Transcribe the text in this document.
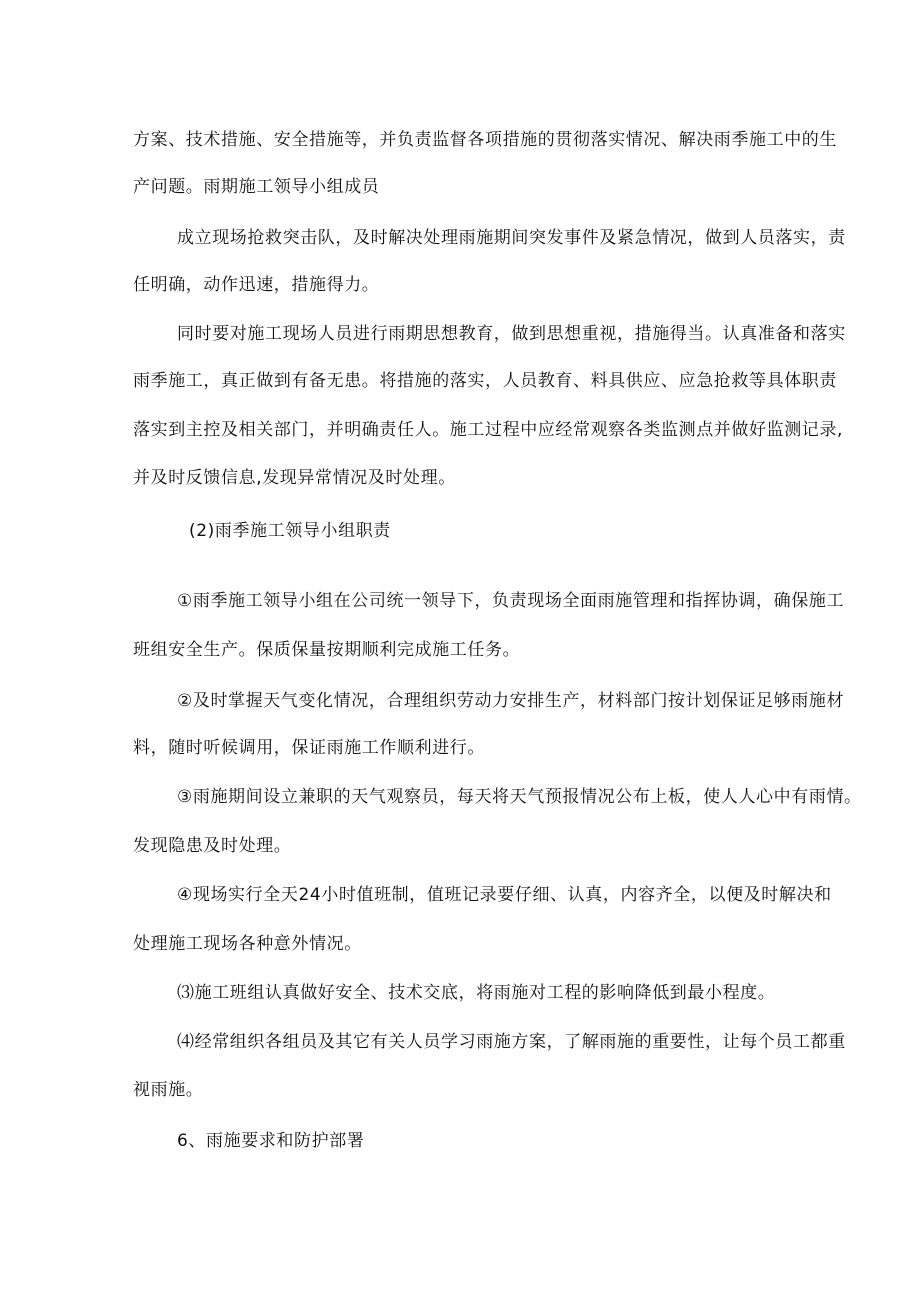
方案、技术措施、安全措施等，并负责监督各项措施的贯彻落实情况、解决雨季施工中的生
产问题。雨期施工领导小组成员
成立现场抢救突击队，及时解决处理雨施期间突发事件及紧急情况，做到人员落实，责
任明确，动作迅速，措施得力。
同时要对施工现场人员进行雨期思想教育，做到思想重视，措施得当。认真准备和落实
雨季施工，真正做到有备无患。将措施的落实，人员教育、料具供应、应急抢救等具体职责
落实到主控及相关部门，并明确责任人。施工过程中应经常观察各类监测点并做好监测记录,
并及时反馈信息,发现异常情况及时处理。
(2)雨季施工领导小组职责
①雨季施工领导小组在公司统一领导下，负责现场全面雨施管理和指挥协调，确保施工
班组安全生产。保质保量按期顺利完成施工任务。
②及时掌握天气变化情况，合理组织劳动力安排生产，材料部门按计划保证足够雨施材
料，随时听候调用，保证雨施工作顺利进行。
③雨施期间设立兼职的天气观察员，每天将天气预报情况公布上板，使人人心中有雨情。
发现隐患及时处理。
④现场实行全天24小时值班制，值班记录要仔细、认真，内容齐全，以便及时解决和
处理施工现场各种意外情况。
⑶施工班组认真做好安全、技术交底，将雨施对工程的影响降低到最小程度。
⑷经常组织各组员及其它有关人员学习雨施方案，了解雨施的重要性，让每个员工都重
视雨施。
6、雨施要求和防护部署
